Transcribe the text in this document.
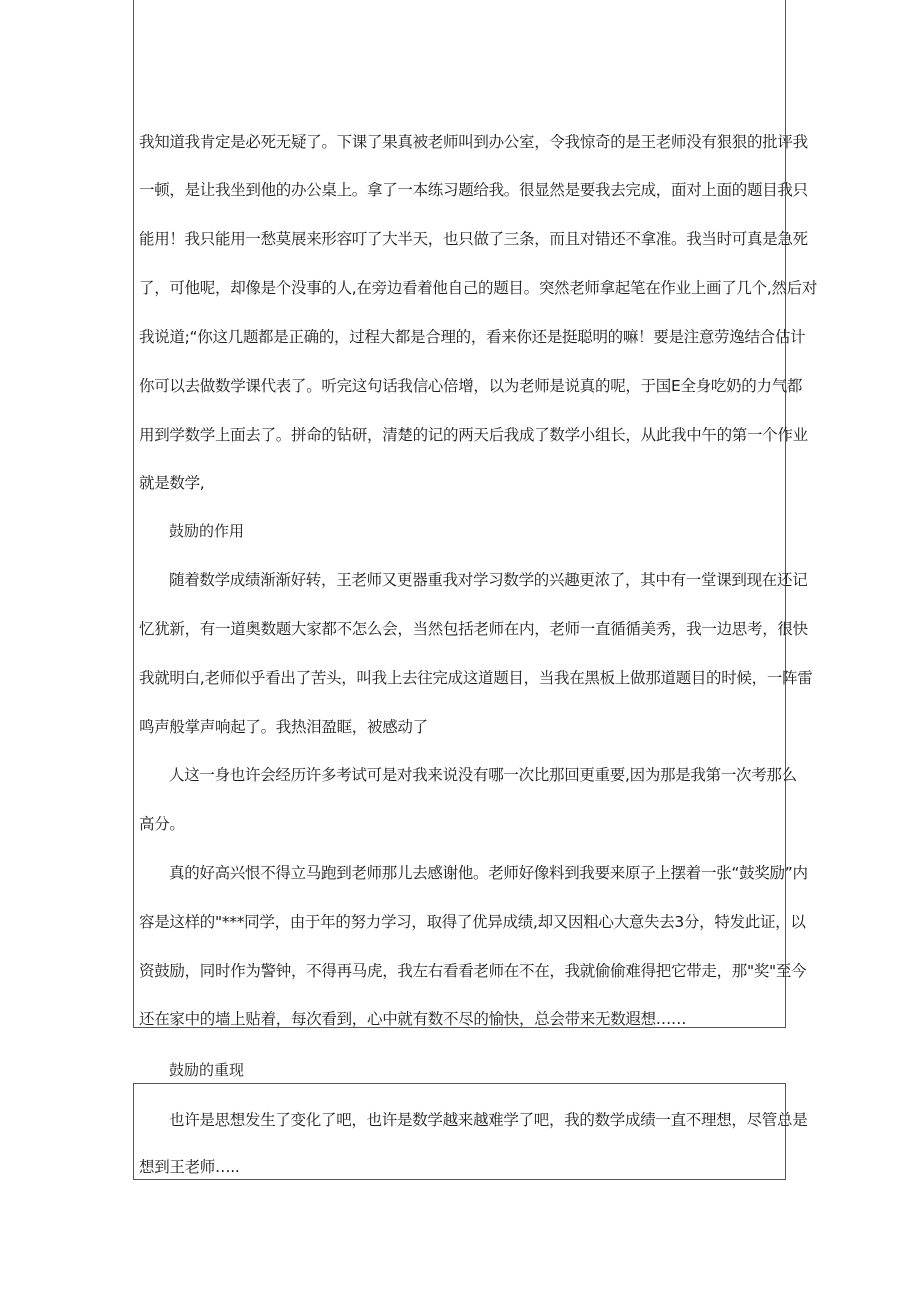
我知道我肯定是必死无疑了。下课了果真被老师叫到办公室，令我惊奇的是王老师没有狠狠的批评我

一顿，是让我坐到他的办公桌上。拿了一本练习题给我。很显然是要我去完成，面对上面的题目我只

能用！我只能用一愁莫展来形容叮了大半天，也只做了三条，而且对错还不拿准。我当时可真是急死

了，可他呢，却像是个没事的人,在旁边看着他自己的题目。突然老师拿起笔在作业上画了几个,然后对

我说道;“你这几题都是正确的，过程大都是合理的，看来你还是挺聪明的嘛！要是注意劳逸结合估计

你可以去做数学课代表了。听完这句话我信心倍增，以为老师是说真的呢，于国E全身吃奶的力气都

用到学数学上面去了。拼命的钻研，清楚的记的两天后我成了数学小组长，从此我中午的第一个作业

就是数学,

鼓励的作用

随着数学成绩渐渐好转，王老师又更器重我对学习数学的兴趣更浓了，其中有一堂课到现在还记

忆犹新，有一道奥数题大家都不怎么会，当然包括老师在内，老师一直循循美秀，我一边思考，很快

我就明白,老师似乎看出了苦头，叫我上去往完成这道题目，当我在黑板上做那道题目的时候，一阵雷

鸣声般掌声响起了。我热泪盈眶，被感动了

人这一身也许会经历许多考试可是对我来说没有哪一次比那回更重要,因为那是我第一次考那么

高分。

真的好高兴恨不得立马跑到老师那儿去感谢他。老师好像料到我要来原子上摆着一张“鼓奖励”内

容是这样的"***同学，由于年的努力学习，取得了优异成绩,却又因粗心大意失去3分，特发此证，以

资鼓励，同时作为警钟，不得再马虎，我左右看看老师在不在，我就偷偷难得把它带走，那"奖"至今

还在家中的墙上贴着，每次看到，心中就有数不尽的愉快，总会带来无数遐想……

鼓励的重现

也许是思想发生了变化了吧，也许是数学越来越难学了吧，我的数学成绩一直不理想，尽管总是

想到王老师…..
